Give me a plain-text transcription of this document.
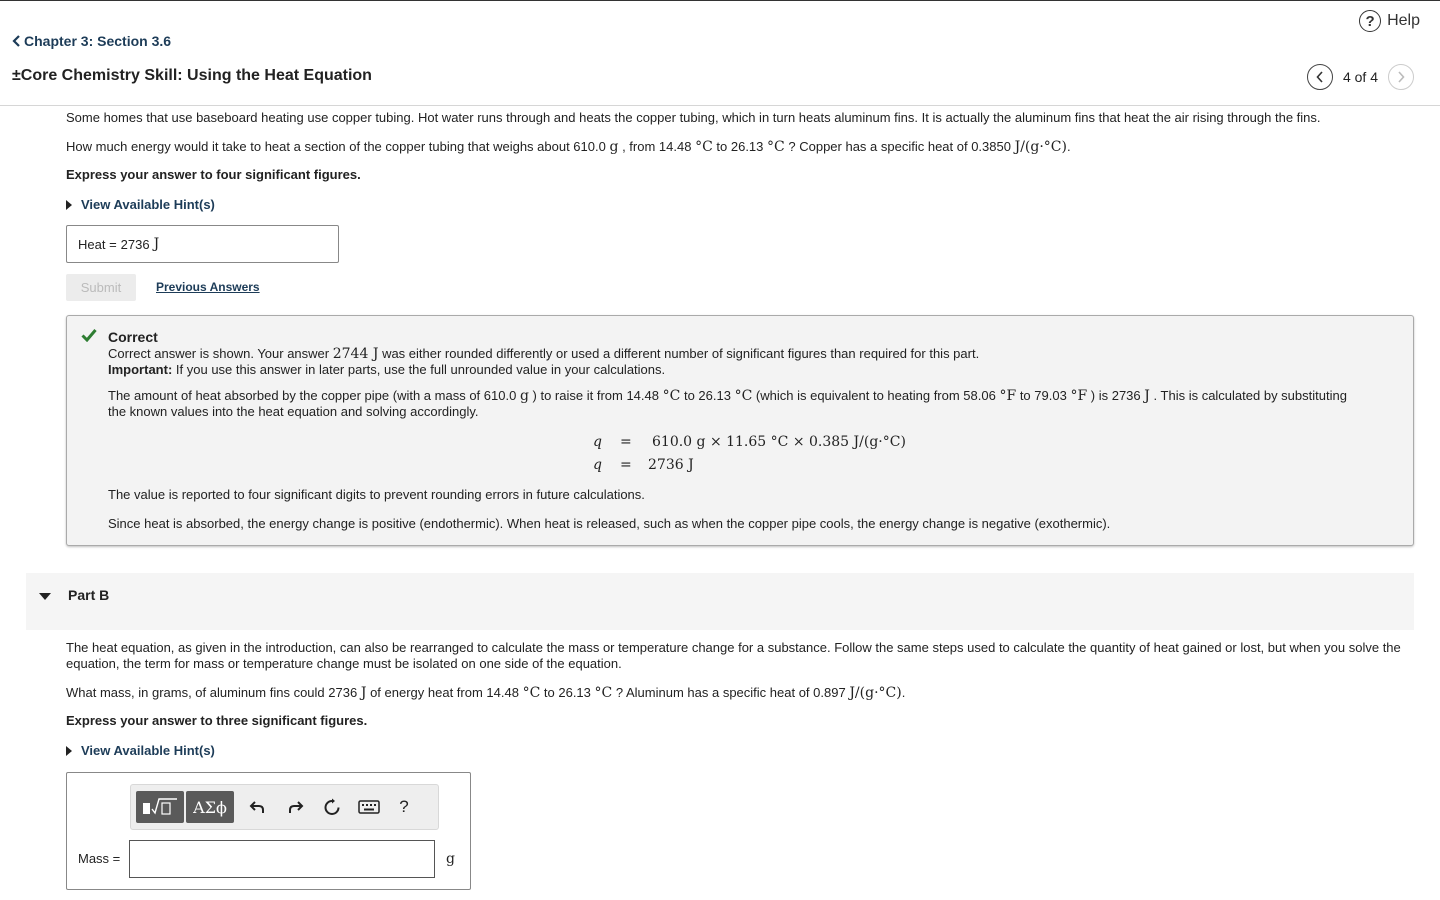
? Help
Chapter 3: Section 3.6
±Core Chemistry Skill: Using the Heat Equation	4 of 4
Some homes that use baseboard heating use copper tubing. Hot water runs through and heats the copper tubing, which in turn heats aluminum fins. It is actually the aluminum fins that heat the air rising through the fins.
How much energy would it take to heat a section of the copper tubing that weighs about 610.0 g , from 14.48 °C to 26.13 °C ? Copper has a specific heat of 0.3850 J/(g·°C).
Express your answer to four significant figures.
View Available Hint(s)
Heat = 2736 J
Submit	Previous Answers
Correct
Correct answer is shown. Your answer 2744 J was either rounded differently or used a different number of significant figures than required for this part.
Important: If you use this answer in later parts, use the full unrounded value in your calculations.
The amount of heat absorbed by the copper pipe (with a mass of 610.0 g ) to raise it from 14.48 °C to 26.13 °C (which is equivalent to heating from 58.06 °F to 79.03 °F ) is 2736 J . This is calculated by substituting
the known values into the heat equation and solving accordingly.
q = 610.0 g × 11.65 °C × 0.385 J/(g·°C)
q = 2736 J
The value is reported to four significant digits to prevent rounding errors in future calculations.
Since heat is absorbed, the energy change is positive (endothermic). When heat is released, such as when the copper pipe cools, the energy change is negative (exothermic).
Part B
The heat equation, as given in the introduction, can also be rearranged to calculate the mass or temperature change for a substance. Follow the same steps used to calculate the quantity of heat gained or lost, but when you solve the
equation, the term for mass or temperature change must be isolated on one side of the equation.
What mass, in grams, of aluminum fins could 2736 J of energy heat from 14.48 °C to 26.13 °C ? Aluminum has a specific heat of 0.897 J/(g·°C).
Express your answer to three significant figures.
View Available Hint(s)
ΑΣϕ	?
Mass =	g
